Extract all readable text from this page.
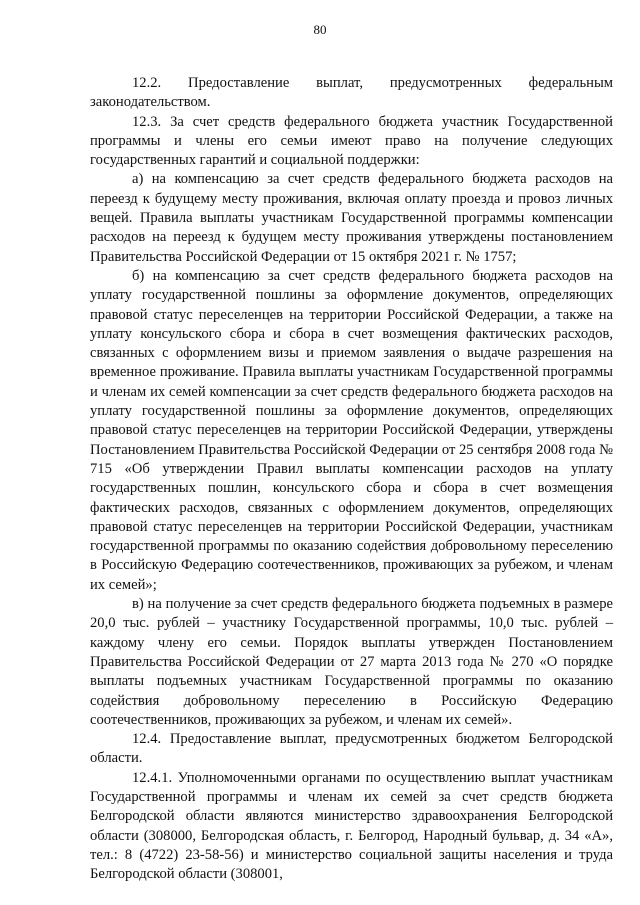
80

12.2. Предоставление выплат, предусмотренных федеральным законодательством.

12.3. За счет средств федерального бюджета участник Государственной программы и члены его семьи имеют право на получение следующих государственных гарантий и социальной поддержки:

а) на компенсацию за счет средств федерального бюджета расходов на переезд к будущему месту проживания, включая оплату проезда и провоз личных вещей. Правила выплаты участникам Государственной программы компенсации расходов на переезд к будущем месту проживания утверждены постановлением Правительства Российской Федерации от 15 октября 2021 г. № 1757;

б) на компенсацию за счет средств федерального бюджета расходов на уплату государственной пошлины за оформление документов, определяющих правовой статус переселенцев на территории Российской Федерации, а также на уплату консульского сбора и сбора в счет возмещения фактических расходов, связанных с оформлением визы и приемом заявления о выдаче разрешения на временное проживание. Правила выплаты участникам Государственной программы и членам их семей компенсации за счет средств федерального бюджета расходов на уплату государственной пошлины за оформление документов, определяющих правовой статус переселенцев на территории Российской Федерации, утверждены Постановлением Правительства Российской Федерации от 25 сентября 2008 года № 715 «Об утверждении Правил выплаты компенсации расходов на уплату государственных пошлин, консульского сбора и сбора в счет возмещения фактических расходов, связанных с оформлением документов, определяющих правовой статус переселенцев на территории Российской Федерации, участникам государственной программы по оказанию содействия добровольному переселению в Российскую Федерацию соотечественников, проживающих за рубежом, и членам их семей»;

в) на получение за счет средств федерального бюджета подъемных в размере 20,0 тыс. рублей – участнику Государственной программы, 10,0 тыс. рублей – каждому члену его семьи. Порядок выплаты утвержден Постановлением Правительства Российской Федерации от 27 марта 2013 года № 270 «О порядке выплаты подъемных участникам Государственной программы по оказанию содействия добровольному переселению в Российскую Федерацию соотечественников, проживающих за рубежом, и членам их семей».

12.4. Предоставление выплат, предусмотренных бюджетом Белгородской области.

12.4.1. Уполномоченными органами по осуществлению выплат участникам Государственной программы и членам их семей за счет средств бюджета Белгородской области являются министерство здравоохранения Белгородской области (308000, Белгородская область, г. Белгород, Народный бульвар, д. 34 «А», тел.: 8 (4722) 23-58-56) и министерство социальной защиты населения и труда Белгородской области (308001,
